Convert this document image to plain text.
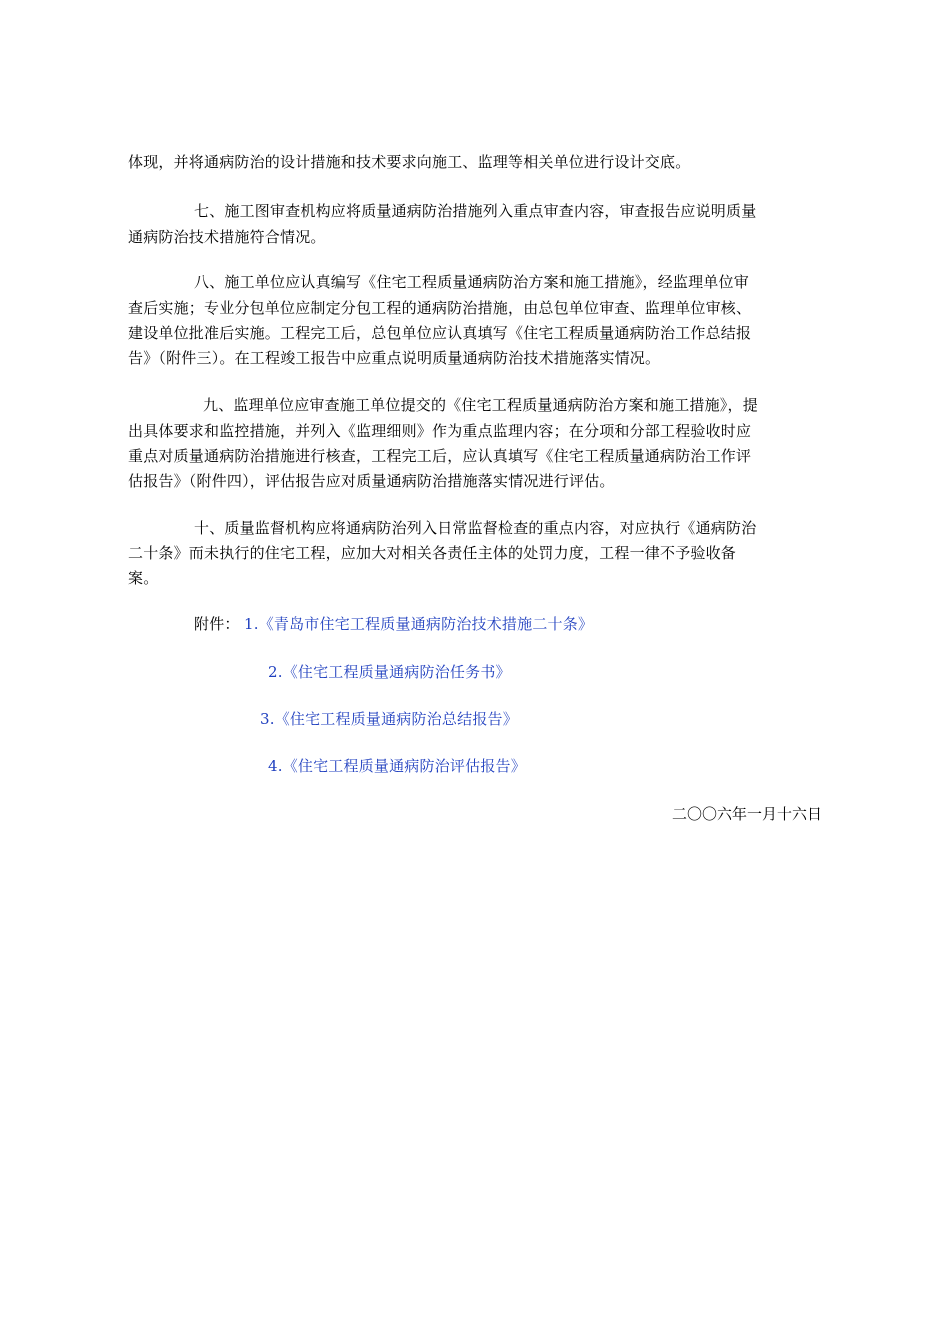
体现，并将通病防治的设计措施和技术要求向施工、监理等相关单位进行设计交底。
七、施工图审查机构应将质量通病防治措施列入重点审查内容，审查报告应说明质量
通病防治技术措施符合情况。
八、施工单位应认真编写《住宅工程质量通病防治方案和施工措施》，经监理单位审
查后实施；专业分包单位应制定分包工程的通病防治措施，由总包单位审查、监理单位审核、
建设单位批准后实施。工程完工后，总包单位应认真填写《住宅工程质量通病防治工作总结报
告》（附件三）。在工程竣工报告中应重点说明质量通病防治技术措施落实情况。
九、监理单位应审查施工单位提交的《住宅工程质量通病防治方案和施工措施》，提
出具体要求和监控措施，并列入《监理细则》作为重点监理内容；在分项和分部工程验收时应
重点对质量通病防治措施进行核查，工程完工后，应认真填写《住宅工程质量通病防治工作评
估报告》（附件四），评估报告应对质量通病防治措施落实情况进行评估。
十、质量监督机构应将通病防治列入日常监督检查的重点内容，对应执行《通病防治
二十条》而未执行的住宅工程，应加大对相关各责任主体的处罚力度，工程一律不予验收备
案。
附件： 1.《青岛市住宅工程质量通病防治技术措施二十条》
2.《住宅工程质量通病防治任务书》
3.《住宅工程质量通病防治总结报告》
4.《住宅工程质量通病防治评估报告》
二〇〇六年一月十六日
